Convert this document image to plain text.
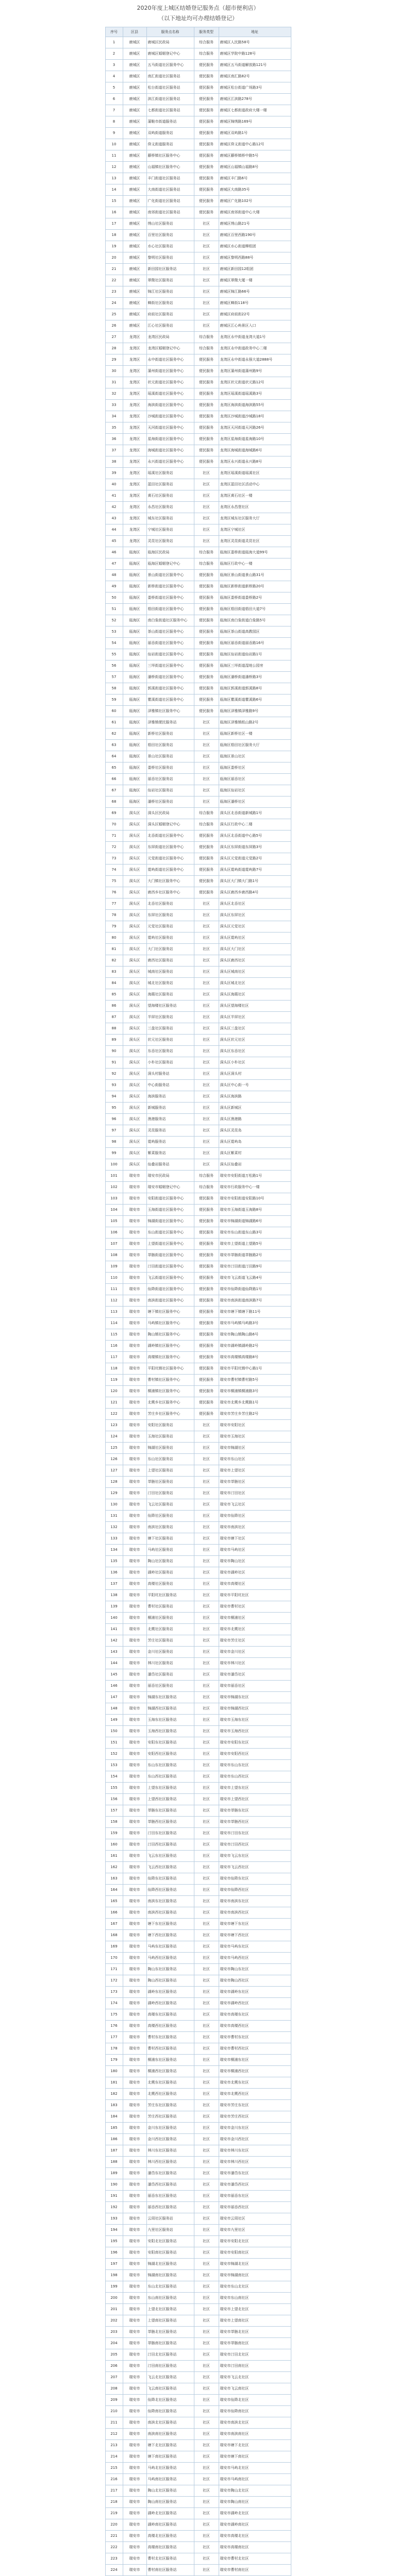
2020年度上城区结婚登记服务点（超市便利店）
（以下地址均可办理结婚登记）
序号	区县	服务点名称	服务类型	地址
1	鹿城区	鹿城区民政局	综合服务	鹿城区人民路58号
2	鹿城区	鹿城区婚姻登记中心	综合服务	鹿城区学院中路128号
3	鹿城区	五马街道社区服务中心	便民服务	鹿城区五马街道解放路121号
4	鹿城区	南汇街道社区服务站	便民服务	鹿城区南汇路82号
5	鹿城区	松台街道社区服务站	便民服务	鹿城区松台街道广场路3号
6	鹿城区	滨江街道社区服务站	便民服务	鹿城区江滨路278号
7	鹿城区	七都街道社区服务站	便民服务	鹿城区七都街道政府大楼一楼
8	鹿城区	蒲鞋市街道服务站	便民服务	鹿城区锦绣路169号
9	鹿城区	双屿街道服务站	便民服务	鹿城区双屿路1号
10	鹿城区	仰义街道服务站	便民服务	鹿城区仰义街道中心路12号
11	鹿城区	藤桥镇社区服务中心	便民服务	鹿城区藤桥镇桥中路5号
12	鹿城区	山福镇社区服务中心	便民服务	鹿城区山福镇山福路8号
13	鹿城区	丰门街道社区服务站	便民服务	鹿城区丰门路6号
14	鹿城区	大南街道社区服务站	便民服务	鹿城区大南路35号
15	鹿城区	广化街道社区服务站	便民服务	鹿城区广化路102号
16	鹿城区	南郊街道社区服务站	便民服务	鹿城区南郊街道中心大楼
17	鹿城区	绣山社区服务站	社区	鹿城区绣山路21号
18	鹿城区	百里社区服务站	社区	鹿城区百里西路190号
19	鹿城区	水心社区服务站	社区	鹿城区水心街道柳组团
20	鹿城区	黎明社区服务站	社区	鹿城区黎明西路88号
21	鹿城区	新田园社区服务站	社区	鹿城区新田园12组团
22	鹿城区	翠微社区服务站	社区	鹿城区翠微大厦一楼
23	鹿城区	锦江社区服务站	社区	鹿城区锦江路66号
24	鹿城区	蝉街社区服务站	社区	鹿城区蝉街118号
25	鹿城区	府前社区服务站	社区	鹿城区府前街22号
26	鹿城区	江心社区服务站	社区	鹿城区江心屿景区入口
27	龙湾区	龙湾区民政局	综合服务	龙湾区永中街道龙湾大道1号
28	龙湾区	龙湾区婚姻登记中心	综合服务	龙湾区永中街道政务中心二楼
29	龙湾区	永中街道社区服务中心	便民服务	龙湾区永中街道永强大道2888号
30	龙湾区	蒲州街道社区服务中心	便民服务	龙湾区蒲州街道蒲州路9号
31	龙湾区	状元街道社区服务中心	便民服务	龙湾区状元街道状元路12号
32	龙湾区	瑶溪街道社区服务中心	便民服务	龙湾区瑶溪街道瑶溪路3号
33	龙湾区	海滨街道社区服务中心	便民服务	龙湾区海滨街道海滨路55号
34	龙湾区	沙城街道社区服务中心	便民服务	龙湾区沙城街道沙城路18号
35	龙湾区	天河街道社区服务中心	便民服务	龙湾区天河街道天河路26号
36	龙湾区	星海街道社区服务中心	便民服务	龙湾区星海街道星海路10号
37	龙湾区	海城街道社区服务中心	便民服务	龙湾区海城街道海城路6号
38	龙湾区	永兴街道社区服务中心	便民服务	龙湾区永兴街道永兴路8号
39	龙湾区	瑶溪社区服务站	社区	龙湾区瑶溪街道瑶溪社区
40	龙湾区	蓝田社区服务站	社区	龙湾区蓝田社区活动中心
41	龙湾区	黄石社区服务站	社区	龙湾区黄石社区一楼
42	龙湾区	永昌社区服务站	社区	龙湾区永昌堡社区
43	龙湾区	城东社区服务站	社区	龙湾区城东社区服务大厅
44	龙湾区	宁城社区服务站	社区	龙湾区宁城社区
45	龙湾区	灵昆社区服务站	社区	龙湾区灵昆街道灵昆社区
46	瓯海区	瓯海区民政局	综合服务	瓯海区娄桥街道瓯海大道99号
47	瓯海区	瓯海区婚姻登记中心	综合服务	瓯海区行政中心一楼
48	瓯海区	景山街道社区服务中心	便民服务	瓯海区景山街道景山路31号
49	瓯海区	新桥街道社区服务中心	便民服务	瓯海区新桥街道新桥路20号
50	瓯海区	娄桥街道社区服务中心	便民服务	瓯海区娄桥街道娄桥路2号
51	瓯海区	梧田街道社区服务中心	便民服务	瓯海区梧田街道梧田大道7号
52	瓯海区	南白象街道社区服务中心	便民服务	瓯海区南白象街道白象路5号
53	瓯海区	茶山街道社区服务中心	便民服务	瓯海区茶山街道高教园区
54	瓯海区	丽岙街道社区服务中心	便民服务	瓯海区丽岙街道丽岙路16号
55	瓯海区	仙岩街道社区服务中心	便民服务	瓯海区仙岩街道仙岩路1号
56	瓯海区	三垟街道社区服务中心	便民服务	瓯海区三垟街道湿地公园旁
57	瓯海区	潘桥街道社区服务中心	便民服务	瓯海区潘桥街道潘桥路3号
58	瓯海区	郭溪街道社区服务中心	便民服务	瓯海区郭溪街道郭溪路8号
59	瓯海区	瞿溪街道社区服务中心	便民服务	瓯海区瞿溪街道瞿溪路6号
60	瓯海区	泽雅镇社区服务中心	便民服务	瓯海区泽雅镇泽雅路9号
61	瓯海区	泽雅镇便民服务站	社区	瓯海区泽雅镇纸山路2号
62	瓯海区	新桥社区服务站	社区	瓯海区新桥社区一楼
63	瓯海区	梧田社区服务站	社区	瓯海区梧田社区服务大厅
64	瓯海区	景山社区服务站	社区	瓯海区景山社区
65	瓯海区	娄桥社区服务站	社区	瓯海区娄桥社区
66	瓯海区	丽岙社区服务站	社区	瓯海区丽岙社区
67	瓯海区	仙岩社区服务站	社区	瓯海区仙岩社区
68	瓯海区	潘桥社区服务站	社区	瓯海区潘桥社区
69	洞头区	洞头区民政局	综合服务	洞头区北岙街道新城路1号
70	洞头区	洞头区婚姻登记中心	综合服务	洞头区行政中心二楼
71	洞头区	北岙街道社区服务中心	便民服务	洞头区北岙街道中心路5号
72	洞头区	东屏街道社区服务中心	便民服务	洞头区东屏街道东屏路3号
73	洞头区	元觉街道社区服务中心	便民服务	洞头区元觉街道元觉路2号
74	洞头区	霓屿街道社区服务中心	便民服务	洞头区霓屿街道霓屿路7号
75	洞头区	大门镇社区服务中心	便民服务	洞头区大门镇大门路1号
76	洞头区	鹿西乡社区服务中心	便民服务	洞头区鹿西乡鹿西路4号
77	洞头区	北岙社区服务站	社区	洞头区北岙社区
78	洞头区	东屏社区服务站	社区	洞头区东屏社区
79	洞头区	元觉社区服务站	社区	洞头区元觉社区
80	洞头区	霓屿社区服务站	社区	洞头区霓屿社区
81	洞头区	大门社区服务站	社区	洞头区大门社区
82	洞头区	鹿西社区服务站	社区	洞头区鹿西社区
83	洞头区	城南社区服务站	社区	洞头区城南社区
84	洞头区	城北社区服务站	社区	洞头区城北社区
85	洞头区	海霞社区服务站	社区	洞头区海霞社区
86	洞头区	望海楼社区服务站	社区	洞头区望海楼社区
87	洞头区	半屏社区服务站	社区	洞头区半屏社区
88	洞头区	三盘社区服务站	社区	洞头区三盘社区
89	洞头区	状元社区服务站	社区	洞头区状元社区
90	洞头区	东岙社区服务站	社区	洞头区东岙社区
91	洞头区	小朴社区服务站	社区	洞头区小朴社区
92	洞头区	洞头村服务站	社区	洞头区洞头村
93	洞头区	中心街服务站	社区	洞头区中心街一号
94	洞头区	海滨服务站	社区	洞头区海滨路
95	洞头区	新城服务站	社区	洞头区新城区
96	洞头区	渔港服务站	社区	洞头区渔港路
97	洞头区	灵昆服务站	社区	洞头区灵昆岛
98	洞头区	霓屿服务站	社区	洞头区霓屿岛
99	洞头区	紫菜服务站	社区	洞头区紫菜村
100	洞头区	仙叠岩服务站	社区	洞头区仙叠岩
101	瑞安市	瑞安市民政局	综合服务	瑞安市安阳街道万松路1号
102	瑞安市	瑞安市婚姻登记中心	综合服务	瑞安市行政服务中心一楼
103	瑞安市	安阳街道社区服务中心	便民服务	瑞安市安阳街道安阳路10号
104	瑞安市	玉海街道社区服务中心	便民服务	瑞安市玉海街道玉海路8号
105	瑞安市	锦湖街道社区服务中心	便民服务	瑞安市锦湖街道锦湖路6号
106	瑞安市	东山街道社区服务中心	便民服务	瑞安市东山街道东山路3号
107	瑞安市	上望街道社区服务中心	便民服务	瑞安市上望街道上望路5号
108	瑞安市	莘塍街道社区服务中心	便民服务	瑞安市莘塍街道莘塍路2号
109	瑞安市	汀田街道社区服务中心	便民服务	瑞安市汀田街道汀田路9号
110	瑞安市	飞云街道社区服务中心	便民服务	瑞安市飞云街道飞云路4号
111	瑞安市	仙降街道社区服务中心	便民服务	瑞安市仙降街道仙降路1号
112	瑞安市	南滨街道社区服务中心	便民服务	瑞安市南滨街道南滨路7号
113	瑞安市	塘下镇社区服务中心	便民服务	瑞安市塘下镇塘下路11号
114	瑞安市	马屿镇社区服务中心	便民服务	瑞安市马屿镇马屿路3号
115	瑞安市	陶山镇社区服务中心	便民服务	瑞安市陶山镇陶山路6号
116	瑞安市	湖岭镇社区服务中心	便民服务	瑞安市湖岭镇湖岭路2号
117	瑞安市	高楼镇社区服务中心	便民服务	瑞安市高楼镇高楼路8号
118	瑞安市	平阳坑镇社区服务中心	便民服务	瑞安市平阳坑镇中心路1号
119	瑞安市	曹村镇社区服务中心	便民服务	瑞安市曹村镇曹村路5号
120	瑞安市	桐浦镇社区服务中心	便民服务	瑞安市桐浦镇桐浦路3号
121	瑞安市	北麂乡社区服务中心	便民服务	瑞安市北麂乡北麂路1号
122	瑞安市	芳庄乡社区服务中心	便民服务	瑞安市芳庄乡芳庄路2号
123	瑞安市	安阳社区服务站	社区	瑞安市安阳社区
124	瑞安市	玉海社区服务站	社区	瑞安市玉海社区
125	瑞安市	锦湖社区服务站	社区	瑞安市锦湖社区
126	瑞安市	东山社区服务站	社区	瑞安市东山社区
127	瑞安市	上望社区服务站	社区	瑞安市上望社区
128	瑞安市	莘塍社区服务站	社区	瑞安市莘塍社区
129	瑞安市	汀田社区服务站	社区	瑞安市汀田社区
130	瑞安市	飞云社区服务站	社区	瑞安市飞云社区
131	瑞安市	仙降社区服务站	社区	瑞安市仙降社区
132	瑞安市	南滨社区服务站	社区	瑞安市南滨社区
133	瑞安市	塘下社区服务站	社区	瑞安市塘下社区
134	瑞安市	马屿社区服务站	社区	瑞安市马屿社区
135	瑞安市	陶山社区服务站	社区	瑞安市陶山社区
136	瑞安市	湖岭社区服务站	社区	瑞安市湖岭社区
137	瑞安市	高楼社区服务站	社区	瑞安市高楼社区
138	瑞安市	平阳坑社区服务站	社区	瑞安市平阳坑社区
139	瑞安市	曹村社区服务站	社区	瑞安市曹村社区
140	瑞安市	桐浦社区服务站	社区	瑞安市桐浦社区
141	瑞安市	北麂社区服务站	社区	瑞安市北麂社区
142	瑞安市	芳庄社区服务站	社区	瑞安市芳庄社区
143	瑞安市	金川社区服务站	社区	瑞安市金川社区
144	瑞安市	林川社区服务站	社区	瑞安市林川社区
145	瑞安市	潘岱社区服务站	社区	瑞安市潘岱社区
146	瑞安市	丽岙社区服务站	社区	瑞安市丽岙社区
147	瑞安市	锦湖东社区服务站	社区	瑞安市锦湖东社区
148	瑞安市	锦湖西社区服务站	社区	瑞安市锦湖西社区
149	瑞安市	玉海东社区服务站	社区	瑞安市玉海东社区
150	瑞安市	玉海西社区服务站	社区	瑞安市玉海西社区
151	瑞安市	安阳东社区服务站	社区	瑞安市安阳东社区
152	瑞安市	安阳西社区服务站	社区	瑞安市安阳西社区
153	瑞安市	东山东社区服务站	社区	瑞安市东山东社区
154	瑞安市	东山西社区服务站	社区	瑞安市东山西社区
155	瑞安市	上望东社区服务站	社区	瑞安市上望东社区
156	瑞安市	上望西社区服务站	社区	瑞安市上望西社区
157	瑞安市	莘塍东社区服务站	社区	瑞安市莘塍东社区
158	瑞安市	莘塍西社区服务站	社区	瑞安市莘塍西社区
159	瑞安市	汀田东社区服务站	社区	瑞安市汀田东社区
160	瑞安市	汀田西社区服务站	社区	瑞安市汀田西社区
161	瑞安市	飞云东社区服务站	社区	瑞安市飞云东社区
162	瑞安市	飞云西社区服务站	社区	瑞安市飞云西社区
163	瑞安市	仙降东社区服务站	社区	瑞安市仙降东社区
164	瑞安市	仙降西社区服务站	社区	瑞安市仙降西社区
165	瑞安市	南滨东社区服务站	社区	瑞安市南滨东社区
166	瑞安市	南滨西社区服务站	社区	瑞安市南滨西社区
167	瑞安市	塘下东社区服务站	社区	瑞安市塘下东社区
168	瑞安市	塘下西社区服务站	社区	瑞安市塘下西社区
169	瑞安市	马屿东社区服务站	社区	瑞安市马屿东社区
170	瑞安市	马屿西社区服务站	社区	瑞安市马屿西社区
171	瑞安市	陶山东社区服务站	社区	瑞安市陶山东社区
172	瑞安市	陶山西社区服务站	社区	瑞安市陶山西社区
173	瑞安市	湖岭东社区服务站	社区	瑞安市湖岭东社区
174	瑞安市	湖岭西社区服务站	社区	瑞安市湖岭西社区
175	瑞安市	高楼东社区服务站	社区	瑞安市高楼东社区
176	瑞安市	高楼西社区服务站	社区	瑞安市高楼西社区
177	瑞安市	曹村东社区服务站	社区	瑞安市曹村东社区
178	瑞安市	曹村西社区服务站	社区	瑞安市曹村西社区
179	瑞安市	桐浦东社区服务站	社区	瑞安市桐浦东社区
180	瑞安市	桐浦西社区服务站	社区	瑞安市桐浦西社区
181	瑞安市	北麂东社区服务站	社区	瑞安市北麂东社区
182	瑞安市	北麂西社区服务站	社区	瑞安市北麂西社区
183	瑞安市	芳庄东社区服务站	社区	瑞安市芳庄东社区
184	瑞安市	芳庄西社区服务站	社区	瑞安市芳庄西社区
185	瑞安市	金川东社区服务站	社区	瑞安市金川东社区
186	瑞安市	金川西社区服务站	社区	瑞安市金川西社区
187	瑞安市	林川东社区服务站	社区	瑞安市林川东社区
188	瑞安市	林川西社区服务站	社区	瑞安市林川西社区
189	瑞安市	潘岱东社区服务站	社区	瑞安市潘岱东社区
190	瑞安市	潘岱西社区服务站	社区	瑞安市潘岱西社区
191	瑞安市	丽岙东社区服务站	社区	瑞安市丽岙东社区
192	瑞安市	丽岙西社区服务站	社区	瑞安市丽岙西社区
193	瑞安市	云周社区服务站	社区	瑞安市云周社区
194	瑞安市	九里社区服务站	社区	瑞安市九里社区
195	瑞安市	安阳北社区服务站	社区	瑞安市安阳北社区
196	瑞安市	安阳南社区服务站	社区	瑞安市安阳南社区
197	瑞安市	锦湖北社区服务站	社区	瑞安市锦湖北社区
198	瑞安市	锦湖南社区服务站	社区	瑞安市锦湖南社区
199	瑞安市	东山北社区服务站	社区	瑞安市东山北社区
200	瑞安市	东山南社区服务站	社区	瑞安市东山南社区
201	瑞安市	上望北社区服务站	社区	瑞安市上望北社区
202	瑞安市	上望南社区服务站	社区	瑞安市上望南社区
203	瑞安市	莘塍北社区服务站	社区	瑞安市莘塍北社区
204	瑞安市	莘塍南社区服务站	社区	瑞安市莘塍南社区
205	瑞安市	汀田北社区服务站	社区	瑞安市汀田北社区
206	瑞安市	汀田南社区服务站	社区	瑞安市汀田南社区
207	瑞安市	飞云北社区服务站	社区	瑞安市飞云北社区
208	瑞安市	飞云南社区服务站	社区	瑞安市飞云南社区
209	瑞安市	仙降北社区服务站	社区	瑞安市仙降北社区
210	瑞安市	仙降南社区服务站	社区	瑞安市仙降南社区
211	瑞安市	南滨北社区服务站	社区	瑞安市南滨北社区
212	瑞安市	南滨南社区服务站	社区	瑞安市南滨南社区
213	瑞安市	塘下北社区服务站	社区	瑞安市塘下北社区
214	瑞安市	塘下南社区服务站	社区	瑞安市塘下南社区
215	瑞安市	马屿北社区服务站	社区	瑞安市马屿北社区
216	瑞安市	马屿南社区服务站	社区	瑞安市马屿南社区
217	瑞安市	陶山北社区服务站	社区	瑞安市陶山北社区
218	瑞安市	陶山南社区服务站	社区	瑞安市陶山南社区
219	瑞安市	湖岭北社区服务站	社区	瑞安市湖岭北社区
220	瑞安市	湖岭南社区服务站	社区	瑞安市湖岭南社区
221	瑞安市	高楼北社区服务站	社区	瑞安市高楼北社区
222	瑞安市	高楼南社区服务站	社区	瑞安市高楼南社区
223	瑞安市	曹村北社区服务站	社区	瑞安市曹村北社区
224	瑞安市	曹村南社区服务站	社区	瑞安市曹村南社区
